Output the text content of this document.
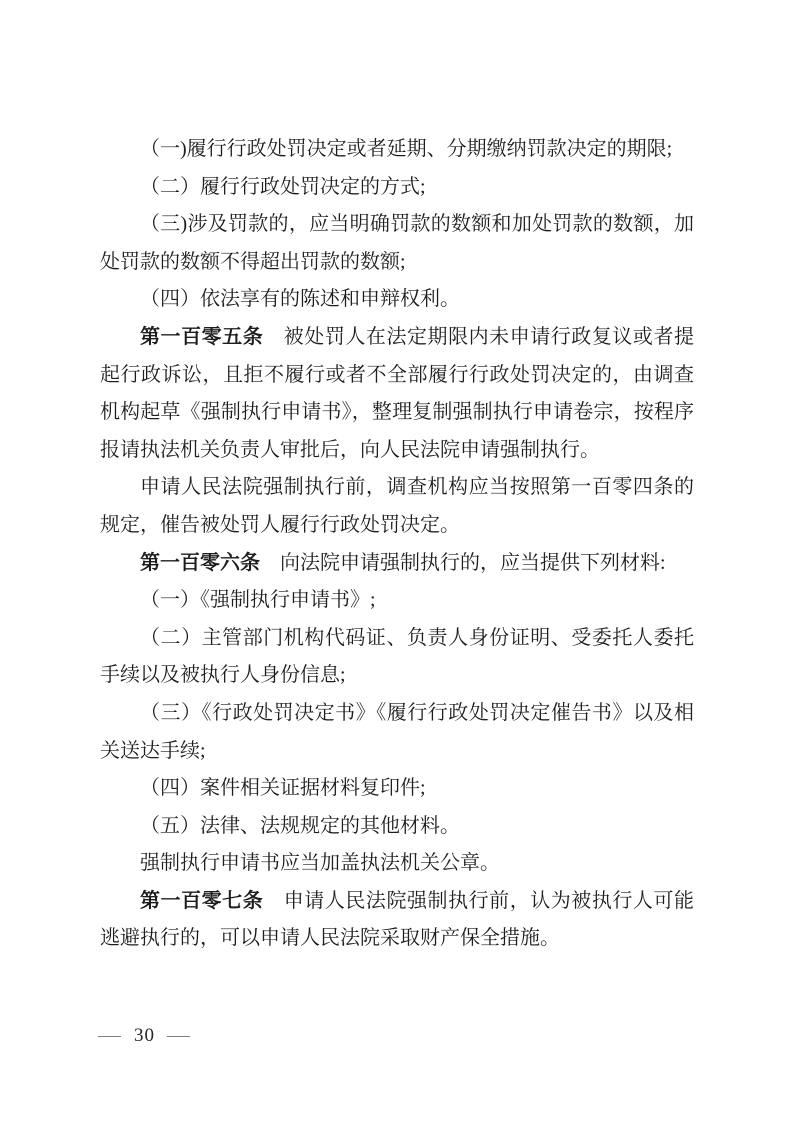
（一)履行行政处罚决定或者延期、分期缴纳罚款决定的期限;

（二）履行行政处罚决定的方式;

（三)涉及罚款的，应当明确罚款的数额和加处罚款的数额，加处罚款的数额不得超出罚款的数额;

（四）依法享有的陈述和申辩权利。

第一百零五条　被处罚人在法定期限内未申请行政复议或者提起行政诉讼，且拒不履行或者不全部履行行政处罚决定的，由调查机构起草《强制执行申请书》，整理复制强制执行申请卷宗，按程序报请执法机关负责人审批后，向人民法院申请强制执行。

申请人民法院强制执行前，调查机构应当按照第一百零四条的规定，催告被处罚人履行行政处罚决定。

第一百零六条　向法院申请强制执行的，应当提供下列材料:

（一）《强制执行申请书》;

（二）主管部门机构代码证、负责人身份证明、受委托人委托手续以及被执行人身份信息;

（三）《行政处罚决定书》《履行行政处罚决定催告书》以及相关送达手续;

（四）案件相关证据材料复印件;

（五）法律、法规规定的其他材料。

强制执行申请书应当加盖执法机关公章。

第一百零七条　申请人民法院强制执行前，认为被执行人可能逃避执行的，可以申请人民法院采取财产保全措施。

— 30 —
